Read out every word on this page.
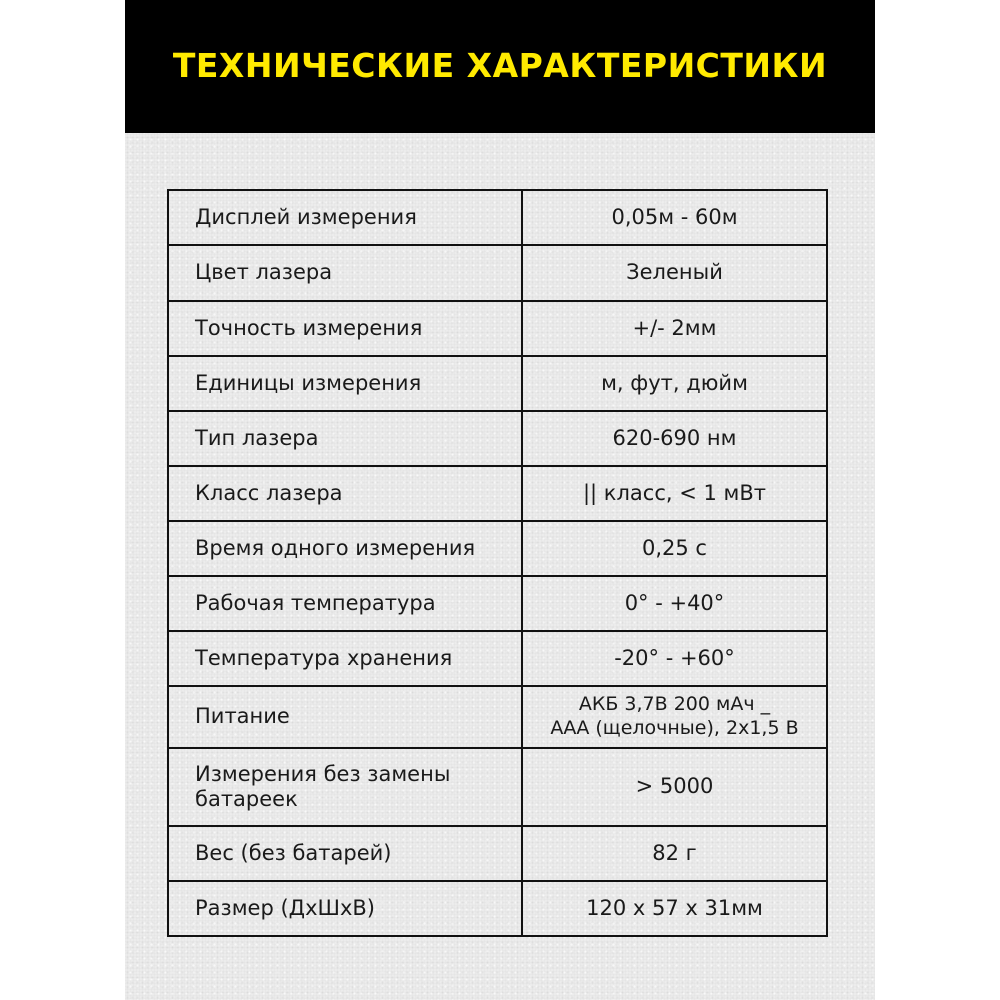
ТЕХНИЧЕСКИЕ ХАРАКТЕРИСТИКИ
Дисплей измерения	0,05м - 60м
Цвет лазера	Зеленый
Точность измерения	+/- 2мм
Единицы измерения	м, фут, дюйм
Тип лазера	620-690 нм
Класс лазера	|| класс, < 1 мВт
Время одного измерения	0,25 с
Рабочая температура	0° - +40°
Температура хранения	-20° - +60°
Питание	АКБ 3,7В 200 мАч _
ААА (щелочные), 2х1,5 В

Измерения без замены
батареек	> 5000
Вес (без батарей)	82 г
Размер (ДхШхВ)	120 x 57 x 31мм
